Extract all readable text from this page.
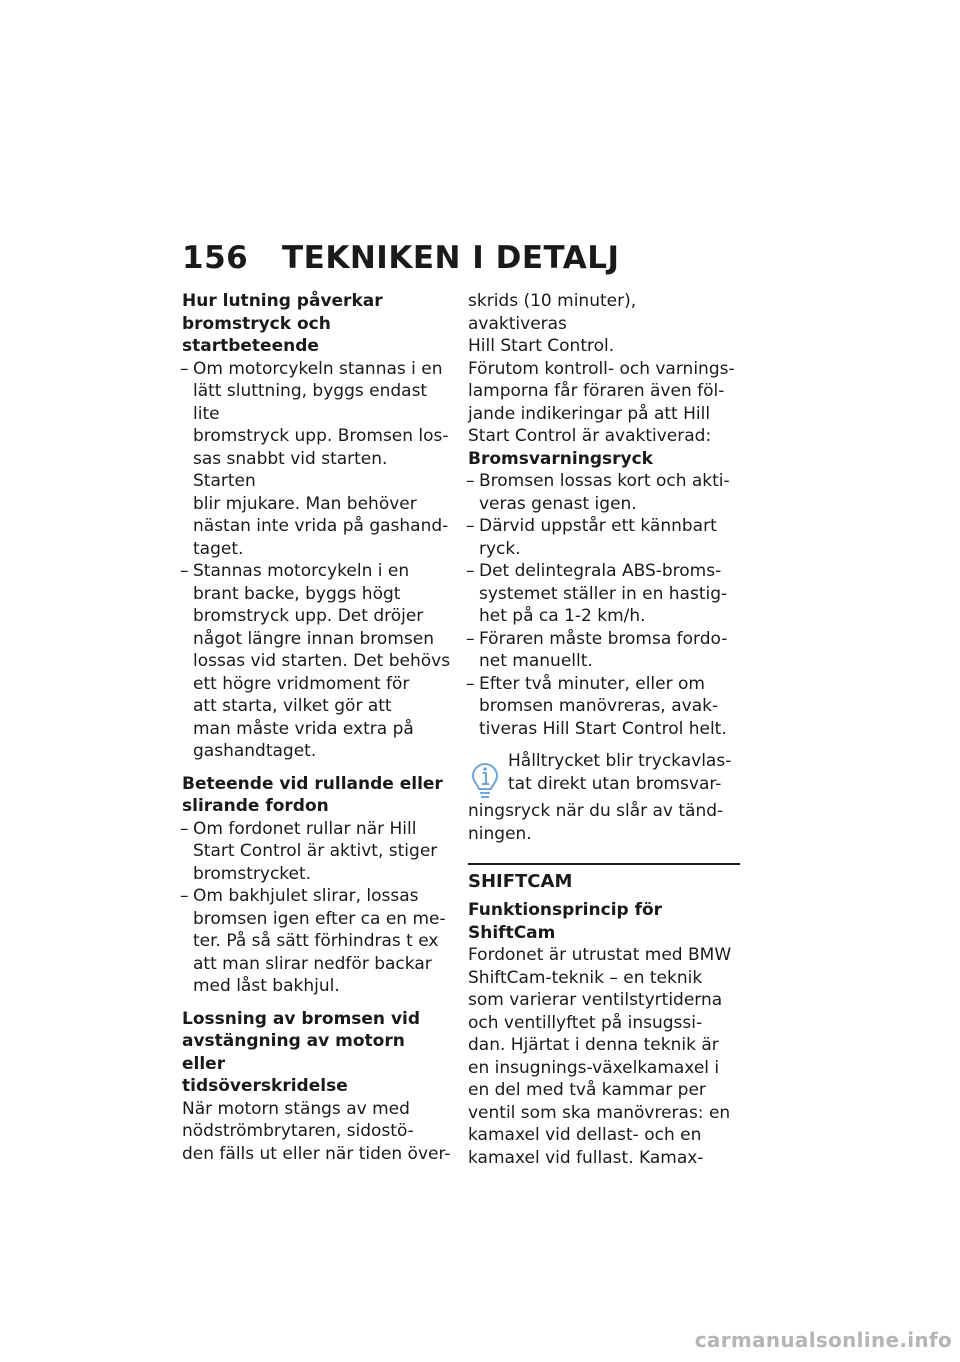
156 TEKNIKEN I DETALJ
Hur lutning påverkar
bromstryck och startbeteende
– Om motorcykeln stannas i en
lätt sluttning, byggs endast lite
bromstryck upp. Bromsen los-
sas snabbt vid starten. Starten
blir mjukare. Man behöver
nästan inte vrida på gashand-
taget.
– Stannas motorcykeln i en
brant backe, byggs högt
bromstryck upp. Det dröjer
något längre innan bromsen
lossas vid starten. Det behövs
ett högre vridmoment för
att starta, vilket gör att
man måste vrida extra på
gashandtaget.
Beteende vid rullande eller
slirande fordon
– Om fordonet rullar när Hill
Start Control är aktivt, stiger
bromstrycket.
– Om bakhjulet slirar, lossas
bromsen igen efter ca en me-
ter. På så sätt förhindras t ex
att man slirar nedför backar
med låst bakhjul.
Lossning av bromsen vid
avstängning av motorn eller
tidsöverskridelse
När motorn stängs av med
nödströmbrytaren, sidostö-
den fälls ut eller när tiden över-
skrids (10 minuter), avaktiveras
Hill Start Control.
Förutom kontroll- och varnings-
lamporna får föraren även föl-
jande indikeringar på att Hill
Start Control är avaktiverad:
Bromsvarningsryck
– Bromsen lossas kort och akti-
veras genast igen.
– Därvid uppstår ett kännbart
ryck.
– Det delintegrala ABS-broms-
systemet ställer in en hastig-
het på ca 1-2 km/h.
– Föraren måste bromsa fordo-
net manuellt.
– Efter två minuter, eller om
bromsen manövreras, avak-
tiveras Hill Start Control helt.
Hålltrycket blir tryckavlas-
tat direkt utan bromsvar-
ningsryck när du slår av tänd-
ningen.
SHIFTCAM
Funktionsprincip för ShiftCam
Fordonet är utrustat med BMW
ShiftCam-teknik – en teknik
som varierar ventilstyrtiderna
och ventillyftet på insugssi-
dan. Hjärtat i denna teknik är
en insugnings-växelkamaxel i
en del med två kammar per
ventil som ska manövreras: en
kamaxel vid dellast- och en
kamaxel vid fullast. Kamax-
carmanualsonline.info
